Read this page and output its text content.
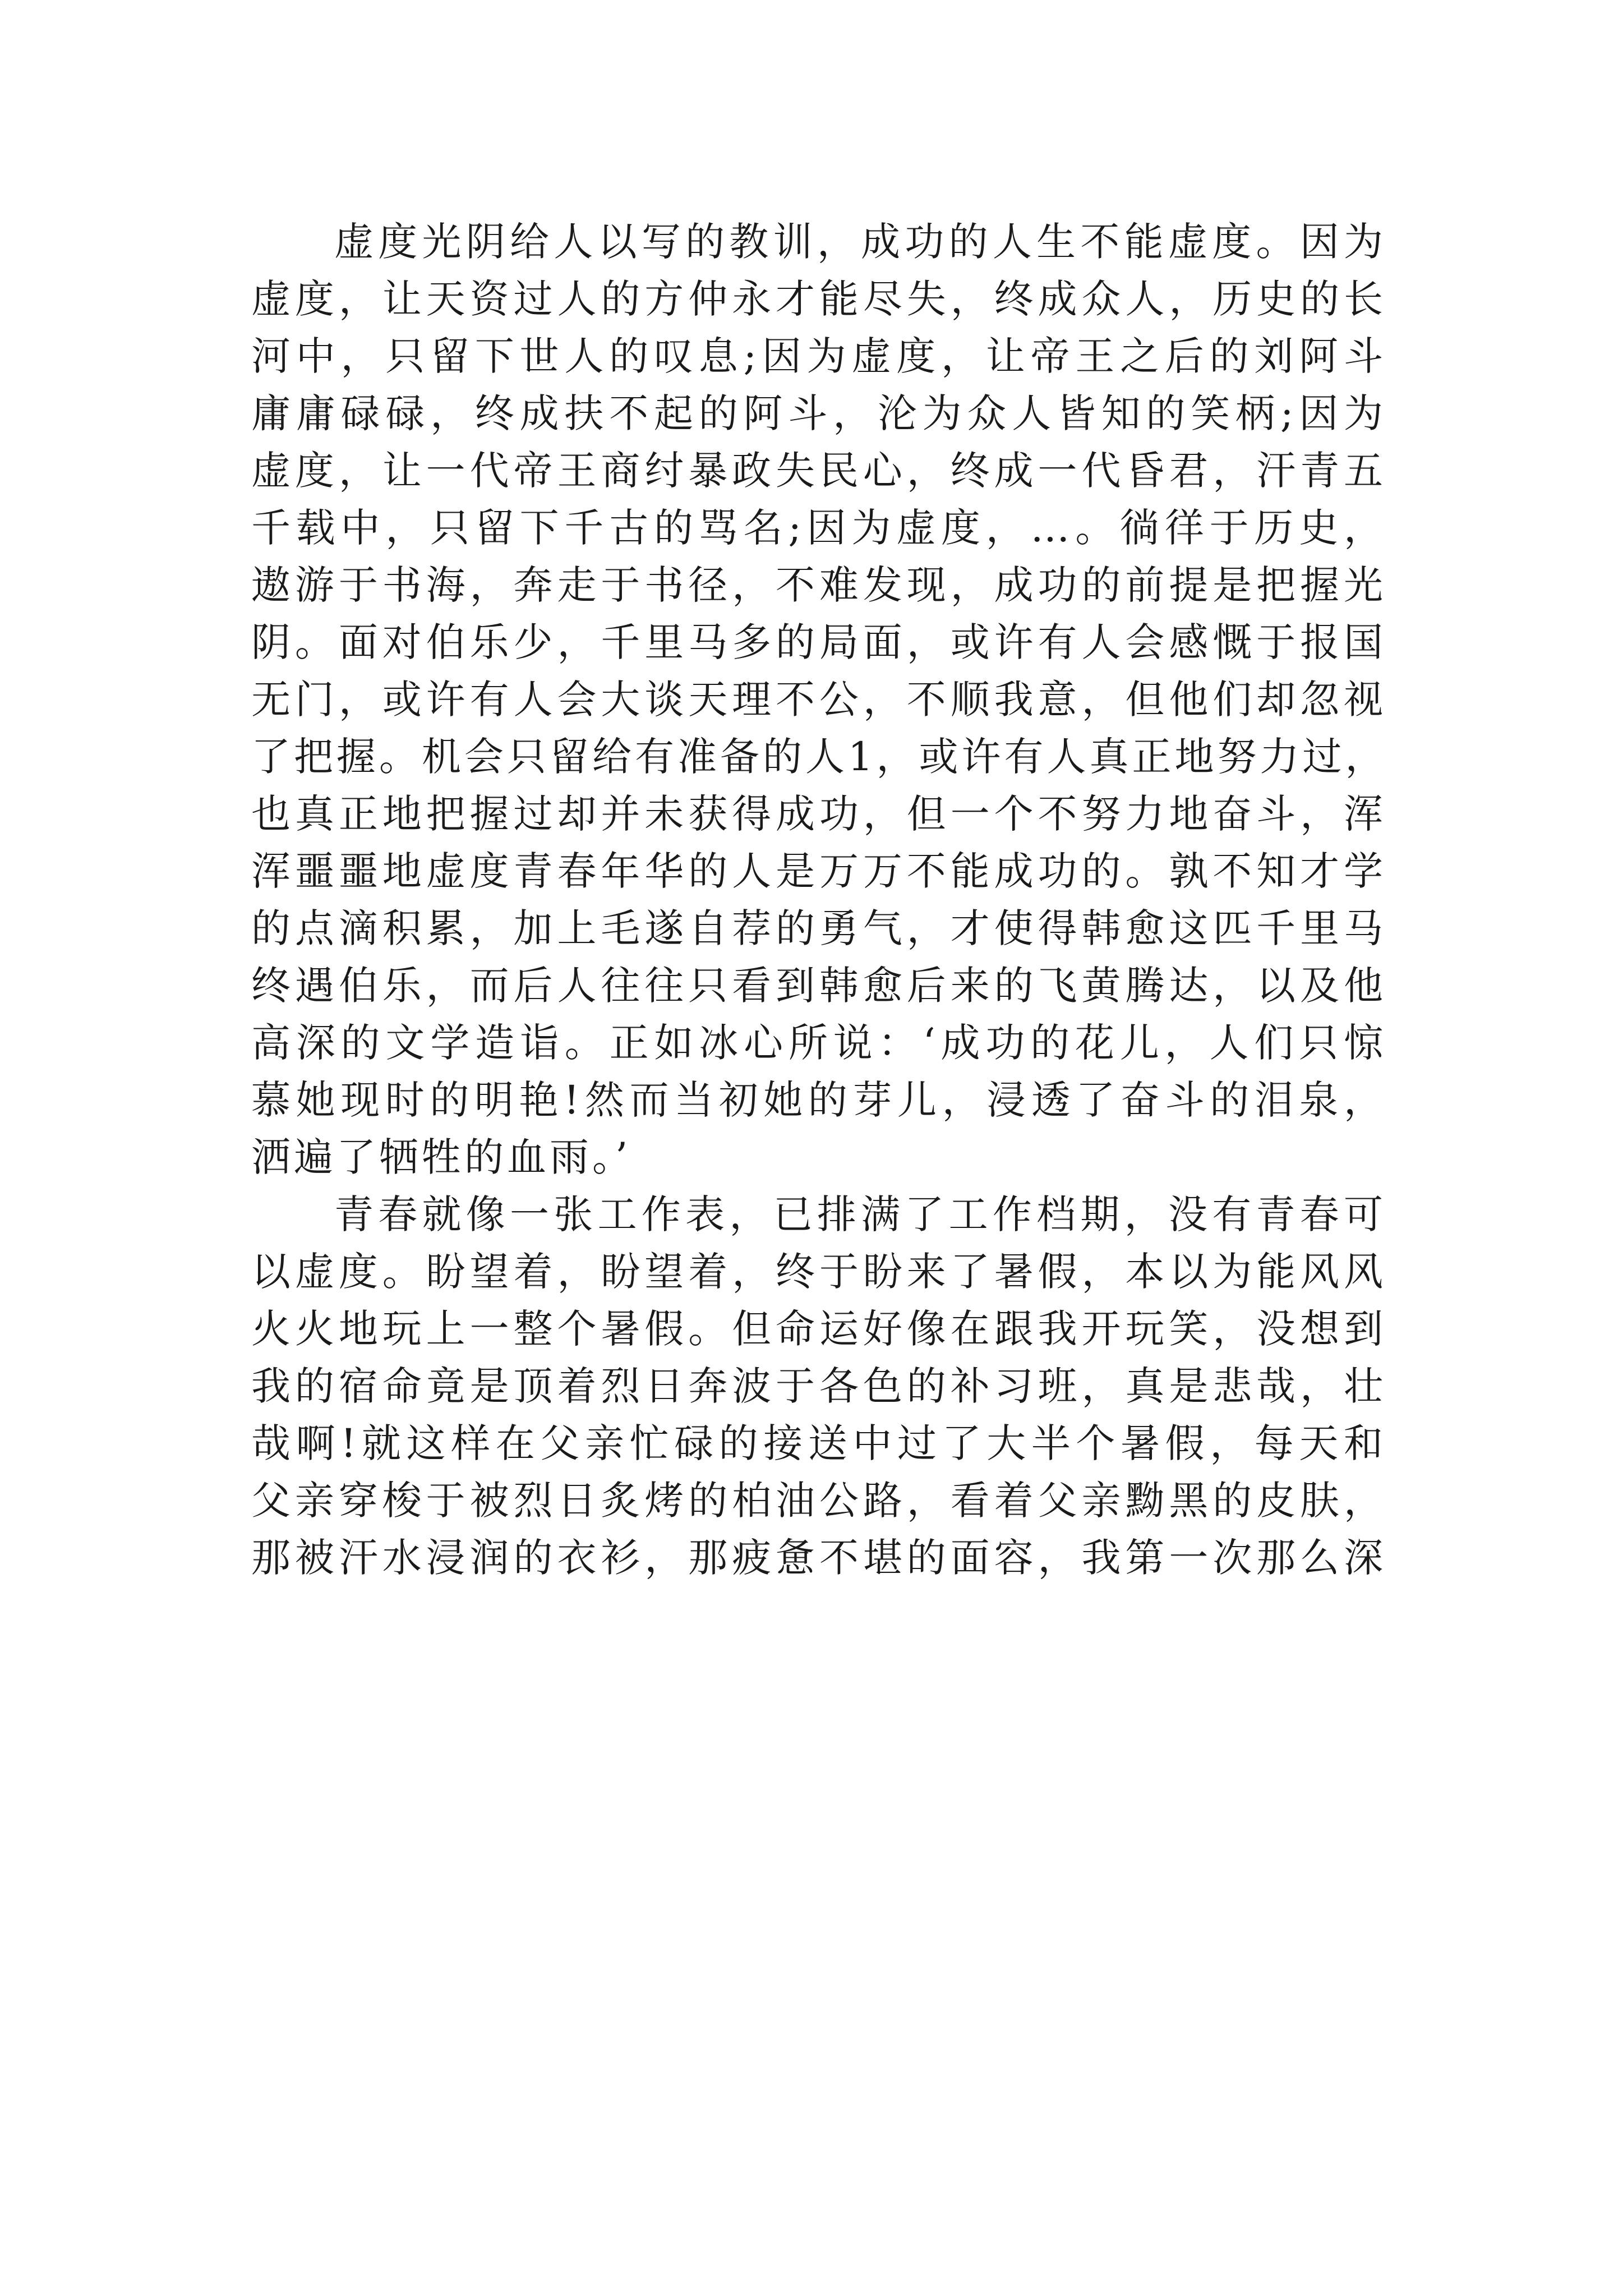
虚度光阴给人以写的教训，成功的人生不能虚度。因为
虚度，让天资过人的方仲永才能尽失，终成众人，历史的长
河中，只留下世人的叹息;因为虚度，让帝王之后的刘阿斗
庸庸碌碌，终成扶不起的阿斗，沦为众人皆知的笑柄;因为
虚度，让一代帝王商纣暴政失民心，终成一代昏君，汗青五
千载中，只留下千古的骂名;因为虚度，…。徜徉于历史，
遨游于书海，奔走于书径，不难发现，成功的前提是把握光
阴。面对伯乐少，千里马多的局面，或许有人会感慨于报国
无门，或许有人会大谈天理不公，不顺我意，但他们却忽视
了把握。机会只留给有准备的人1，或许有人真正地努力过，
也真正地把握过却并未获得成功，但一个不努力地奋斗，浑
浑噩噩地虚度青春年华的人是万万不能成功的。孰不知才学
的点滴积累，加上毛遂自荐的勇气，才使得韩愈这匹千里马
终遇伯乐，而后人往往只看到韩愈后来的飞黄腾达，以及他
高深的文学造诣。正如冰心所说：‘成功的花儿，人们只惊
慕她现时的明艳!然而当初她的芽儿，浸透了奋斗的泪泉，
洒遍了牺牲的血雨。’
青春就像一张工作表，已排满了工作档期，没有青春可
以虚度。盼望着，盼望着，终于盼来了暑假，本以为能风风
火火地玩上一整个暑假。但命运好像在跟我开玩笑，没想到
我的宿命竟是顶着烈日奔波于各色的补习班，真是悲哉，壮
哉啊!就这样在父亲忙碌的接送中过了大半个暑假，每天和
父亲穿梭于被烈日炙烤的柏油公路，看着父亲黝黑的皮肤，
那被汗水浸润的衣衫，那疲惫不堪的面容，我第一次那么深
